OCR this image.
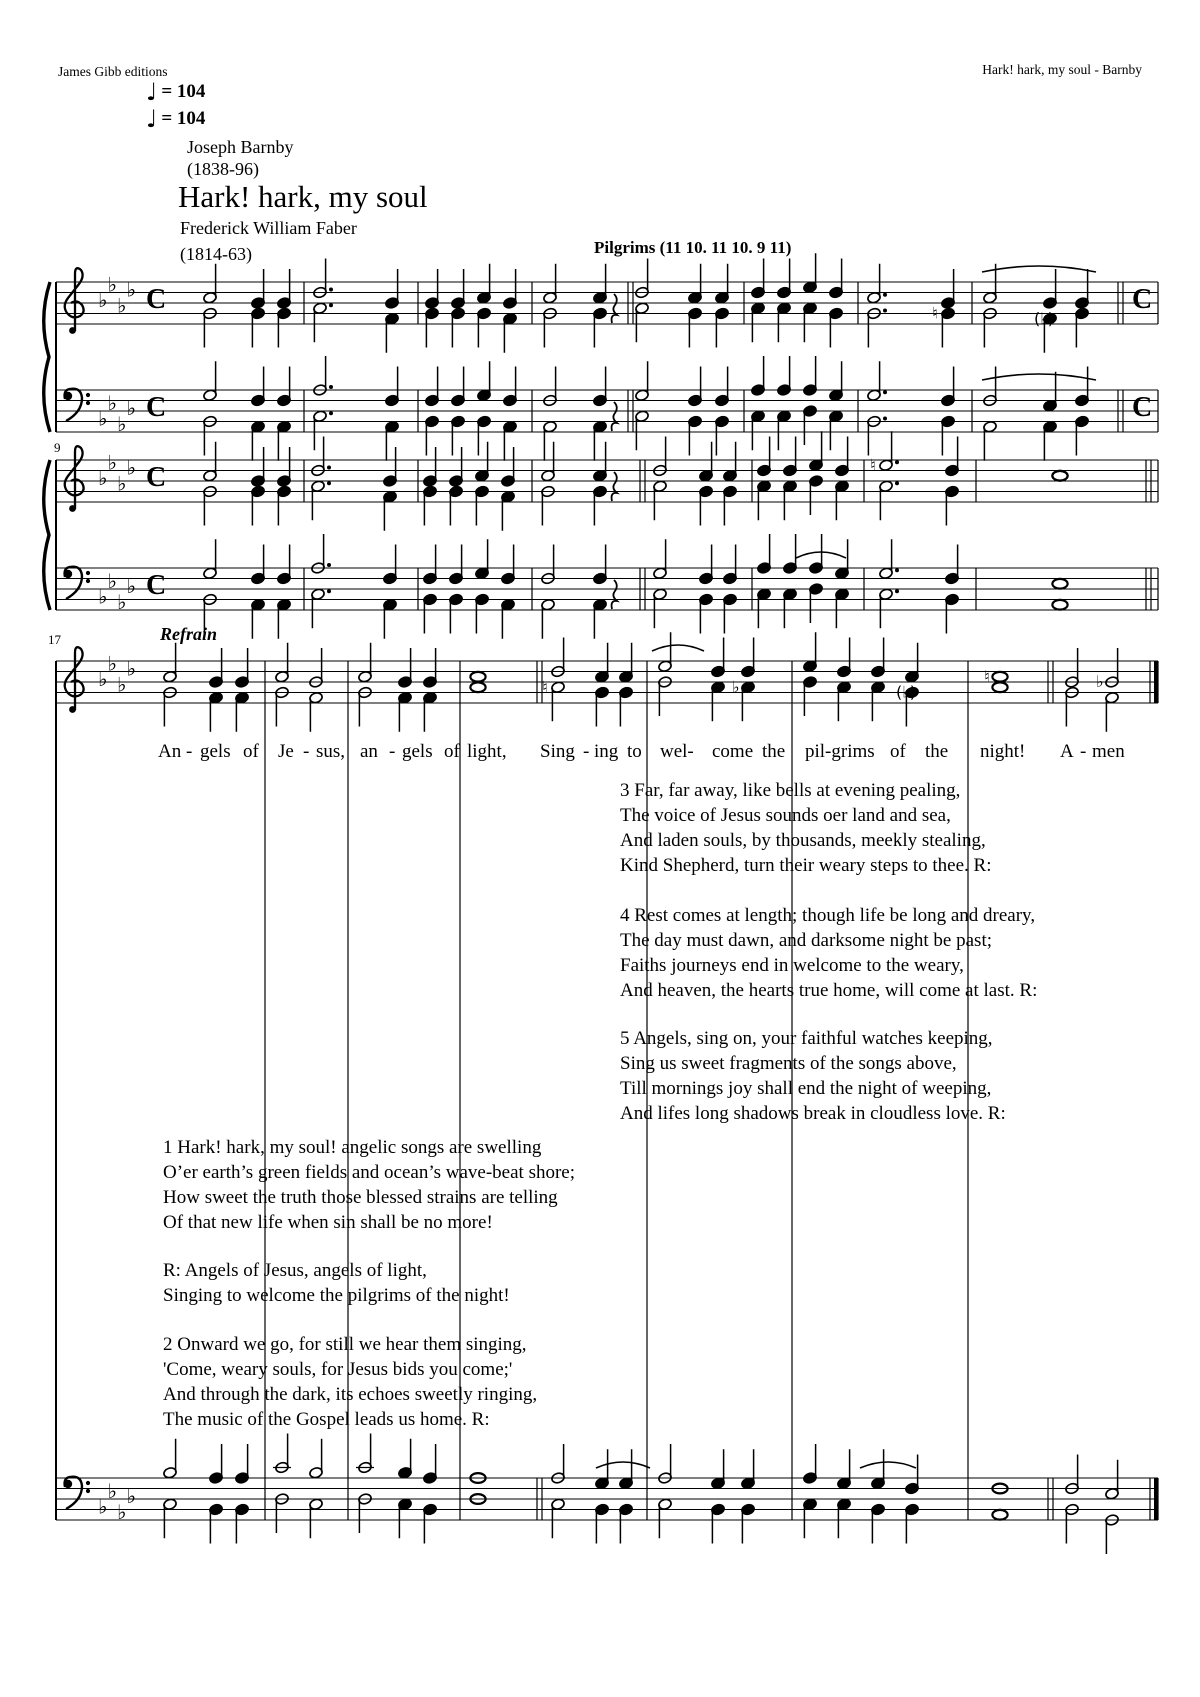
♭
♭
♭
♭
♭
♭
♭
♭
C
C
C
C
♮	(♭)
♭
♭
♭
♭
♭
♭
♭
♭
C
C
♮
♭
♭
♭
♭
♭
♭
♭
♭
♮	♭	(♭)
♮	♭
James Gibb editions	Hark! hark, my soul - Barnby
♩ = 104
♩ = 104
Joseph Barnby
(1838-96)
Hark! hark, my soul
Frederick William Faber
(1814-63)	Pilgrims (11 10. 11 10. 9 11)
9
17	Refrain
An - gels of Je - sus, an - gels of light, Sing - ing to wel- come the pil-grims of the night! A - men
1 Hark! hark, my soul! angelic songs are swelling
O’er earth’s green fields and ocean’s wave-beat shore;
How sweet the truth those blessed strains are telling
Of that new life when sin shall be no more!
R: Angels of Jesus, angels of light,
Singing to welcome the pilgrims of the night!
2 Onward we go, for still we hear them singing,
'Come, weary souls, for Jesus bids you come;'
And through the dark, its echoes sweetly ringing,
The music of the Gospel leads us home. R:
3 Far, far away, like bells at evening pealing,
The voice of Jesus sounds oer land and sea,
And laden souls, by thousands, meekly stealing,
Kind Shepherd, turn their weary steps to thee. R:
4 Rest comes at length; though life be long and dreary,
The day must dawn, and darksome night be past;
Faiths journeys end in welcome to the weary,
And heaven, the hearts true home, will come at last. R:
5 Angels, sing on, your faithful watches keeping,
Sing us sweet fragments of the songs above,
Till mornings joy shall end the night of weeping,
And lifes long shadows break in cloudless love. R:
